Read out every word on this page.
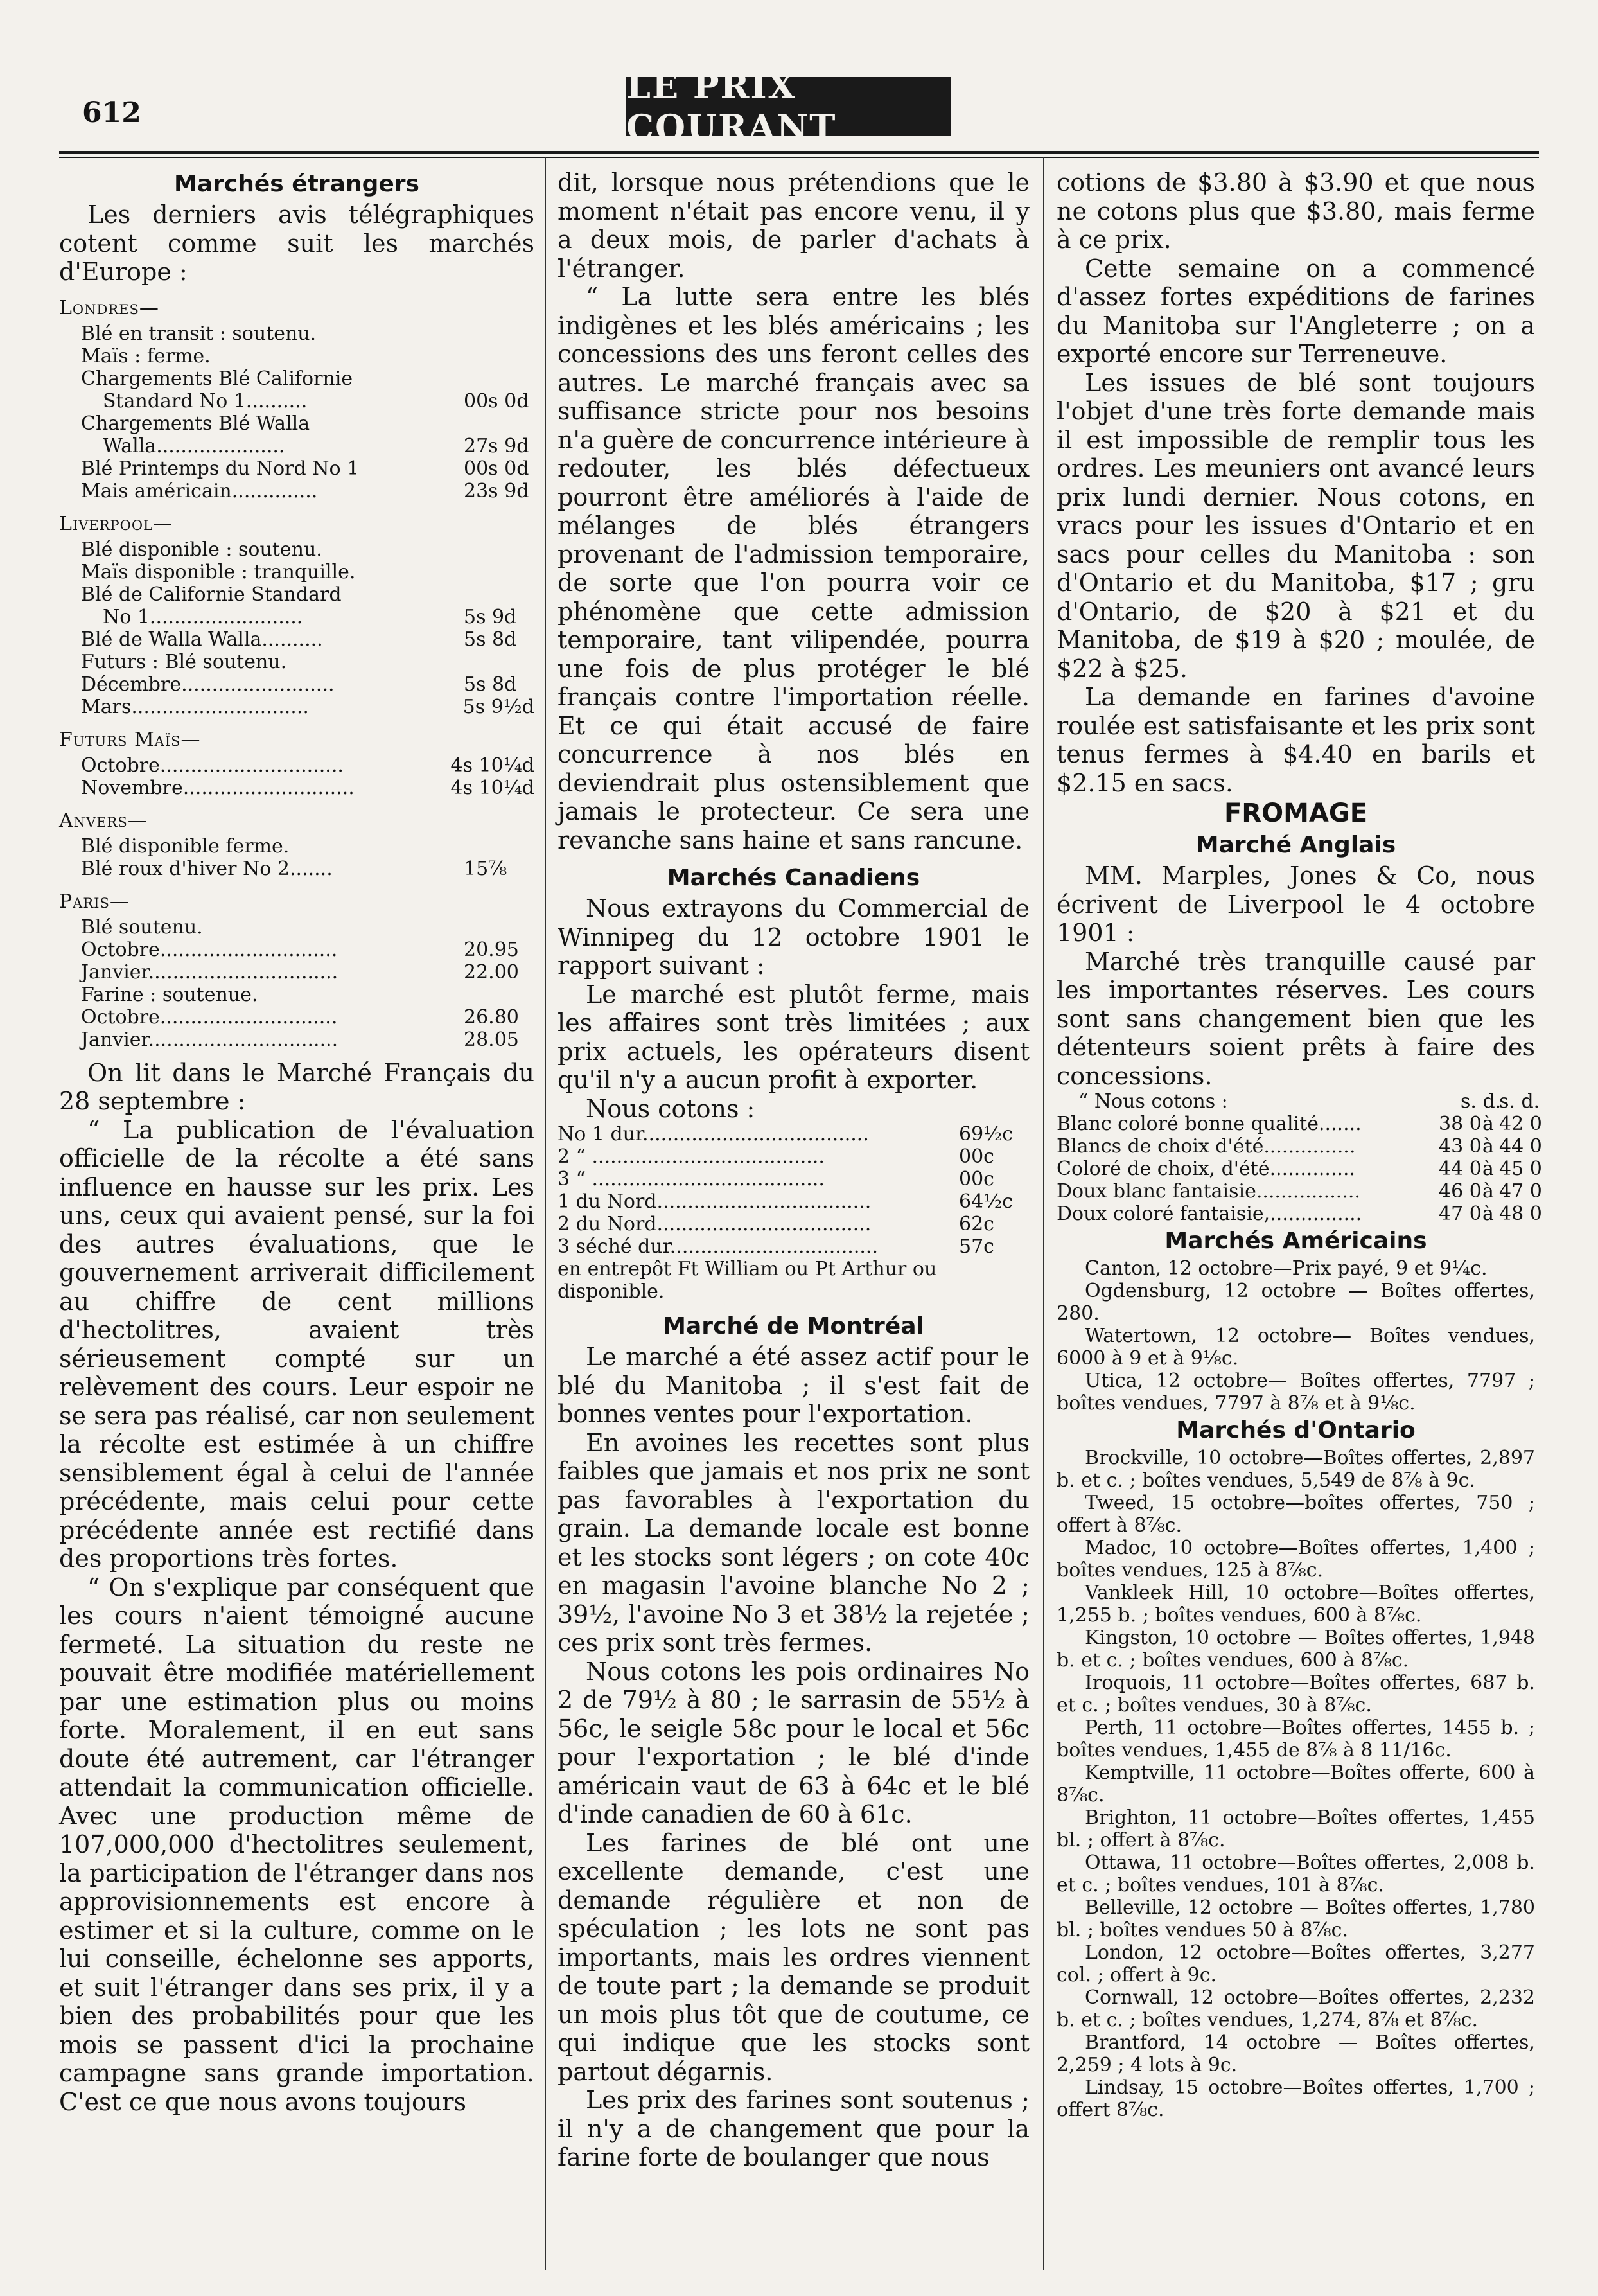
612
LE PRIX COURANT
Marchés étrangers

Les derniers avis télégraphiques cotent comme suit les marchés d'Europe :

Londres—
Blé en transit : soutenu.
Maïs : ferme.
Chargements Blé Californie
Standard No 1..........	00s 0d
Chargements Blé Walla
Walla.....................	27s 9d
Blé Printemps du Nord No 1	00s 0d
Mais américain..............	23s 9d
Liverpool—
Blé disponible : soutenu.
Maïs disponible : tranquille.
Blé de Californie Standard
No 1.........................	5s 9d
Blé de Walla Walla..........	5s 8d
Futurs : Blé soutenu.
Décembre.........................	5s 8d
Mars.............................	5s 9½d
Futurs Maïs—
Octobre..............................	4s 10¼d
Novembre............................	4s 10¼d
Anvers—
Blé disponible ferme.
Blé roux d'hiver No 2.......	15⅞
Paris—
Blé soutenu.
Octobre.............................	20.95
Janvier...............................	22.00
Farine : soutenue.
Octobre.............................	26.80
Janvier...............................	28.05

On lit dans le Marché Français du 28 septembre :

“ La publication de l'évaluation officielle de la récolte a été sans influence en hausse sur les prix. Les uns, ceux qui avaient pensé, sur la foi des autres évaluations, que le gouvernement arriverait difficilement au chiffre de cent millions d'hectolitres, avaient très sérieusement compté sur un relèvement des cours. Leur espoir ne se sera pas réalisé, car non seulement la récolte est estimée à un chiffre sensiblement égal à celui de l'année précédente, mais celui pour cette précédente année est rectifié dans des proportions très fortes.

“ On s'explique par conséquent que les cours n'aient témoigné aucune fermeté. La situation du reste ne pouvait être modifiée matériellement par une estimation plus ou moins forte. Moralement, il en eut sans doute été autrement, car l'étranger attendait la communication officielle. Avec une production même de 107,000,000 d'hectolitres seulement, la participation de l'étranger dans nos approvisionnements est encore à estimer et si la culture, comme on le lui conseille, échelonne ses apports, et suit l'étranger dans ses prix, il y a bien des probabilités pour que les mois se passent d'ici la prochaine campagne sans grande importation. C'est ce que nous avons toujours

dit, lorsque nous prétendions que le moment n'était pas encore venu, il y a deux mois, de parler d'achats à l'étranger.

“ La lutte sera entre les blés indigènes et les blés américains ; les concessions des uns feront celles des autres. Le marché français avec sa suffisance stricte pour nos besoins n'a guère de concurrence intérieure à redouter, les blés défectueux pourront être améliorés à l'aide de mélanges de blés étrangers provenant de l'admission temporaire, de sorte que l'on pourra voir ce phénomène que cette admission temporaire, tant vilipendée, pourra une fois de plus protéger le blé français contre l'importation réelle. Et ce qui était accusé de faire concurrence à nos blés en deviendrait plus ostensiblement que jamais le protecteur. Ce sera une revanche sans haine et sans rancune.

Marchés Canadiens

Nous extrayons du Commercial de Winnipeg du 12 octobre 1901 le rapport suivant :

Le marché est plutôt ferme, mais les affaires sont très limitées ; aux prix actuels, les opérateurs disent qu'il n'y a aucun profit à exporter.

Nous cotons :

No 1 dur.....................................	69½c
2 “ ......................................	00c
3 “ ......................................	00c
1 du Nord...................................	64½c
2 du Nord...................................	62c
3 séché dur..................................	57c
en entrepôt Ft William ou Pt Arthur ou disponible.
Marché de Montréal

Le marché a été assez actif pour le blé du Manitoba ; il s'est fait de bonnes ventes pour l'exportation.

En avoines les recettes sont plus faibles que jamais et nos prix ne sont pas favorables à l'exportation du grain. La demande locale est bonne et les stocks sont légers ; on cote 40c en magasin l'avoine blanche No 2 ; 39½, l'avoine No 3 et 38½ la rejetée ; ces prix sont très fermes.

Nous cotons les pois ordinaires No 2 de 79½ à 80 ; le sarrasin de 55½ à 56c, le seigle 58c pour le local et 56c pour l'exportation ; le blé d'inde américain vaut de 63 à 64c et le blé d'inde canadien de 60 à 61c.

Les farines de blé ont une excellente demande, c'est une demande régulière et non de spéculation ; les lots ne sont pas importants, mais les ordres viennent de toute part ; la demande se produit un mois plus tôt que de coutume, ce qui indique que les stocks sont partout dégarnis.

Les prix des farines sont soutenus ; il n'y a de changement que pour la farine forte de boulanger que nous

cotions de $3.80 à $3.90 et que nous ne cotons plus que $3.80, mais ferme à ce prix.

Cette semaine on a commencé d'assez fortes expéditions de farines du Manitoba sur l'Angleterre ; on a exporté encore sur Terreneuve.

Les issues de blé sont toujours l'objet d'une très forte demande mais il est impossible de remplir tous les ordres. Les meuniers ont avancé leurs prix lundi dernier. Nous cotons, en vracs pour les issues d'Ontario et en sacs pour celles du Manitoba : son d'Ontario et du Manitoba, $17 ; gru d'Ontario, de $20 à $21 et du Manitoba, de $19 à $20 ; moulée, de $22 à $25.

La demande en farines d'avoine roulée est satisfaisante et les prix sont tenus fermes à $4.40 en barils et $2.15 en sacs.

FROMAGE
Marché Anglais

MM. Marples, Jones & Co, nous écrivent de Liverpool le 4 octobre 1901 :

Marché très tranquille causé par les importantes réserves. Les cours sont sans changement bien que les détenteurs soient prêts à faire des concessions.

“ Nous cotons :	s. d.
s. d.
Blanc coloré bonne qualité.......	38 0 à 42 0
Blancs de choix d'été...............	43 0 à 44 0
Coloré de choix, d'été..............	44 0 à 45 0
Doux blanc fantaisie.................	46 0 à 47 0
Doux coloré fantaisie,...............	47 0 à 48 0
Marchés Américains

Canton, 12 octobre—Prix payé, 9 et 9¼c.

Ogdensburg, 12 octobre — Boîtes offertes, 280.

Watertown, 12 octobre— Boîtes vendues, 6000 à 9 et à 9⅛c.

Utica, 12 octobre— Boîtes offertes, 7797 ; boîtes vendues, 7797 à 8⅞ et à 9⅛c.

Marchés d'Ontario

Brockville, 10 octobre—Boîtes offertes, 2,897 b. et c. ; boîtes vendues, 5,549 de 8⅞ à 9c.

Tweed, 15 octobre—boîtes offertes, 750 ; offert à 8⅞c.

Madoc, 10 octobre—Boîtes offertes, 1,400 ; boîtes vendues, 125 à 8⅞c.

Vankleek Hill, 10 octobre—Boîtes offertes, 1,255 b. ; boîtes vendues, 600 à 8⅞c.

Kingston, 10 octobre — Boîtes offertes, 1,948 b. et c. ; boîtes vendues, 600 à 8⅞c.

Iroquois, 11 octobre—Boîtes offertes, 687 b. et c. ; boîtes vendues, 30 à 8⅞c.

Perth, 11 octobre—Boîtes offertes, 1455 b. ; boîtes vendues, 1,455 de 8⅞ à 8 11/16c.

Kemptville, 11 octobre—Boîtes offerte, 600 à 8⅞c.

Brighton, 11 octobre—Boîtes offertes, 1,455 bl. ; offert à 8⅞c.

Ottawa, 11 octobre—Boîtes offertes, 2,008 b. et c. ; boîtes vendues, 101 à 8⅞c.

Belleville, 12 octobre — Boîtes offertes, 1,780 bl. ; boîtes vendues 50 à 8⅞c.

London, 12 octobre—Boîtes offertes, 3,277 col. ; offert à 9c.

Cornwall, 12 octobre—Boîtes offertes, 2,232 b. et c. ; boîtes vendues, 1,274, 8⅞ et 8⅞c.

Brantford, 14 octobre — Boîtes offertes, 2,259 ; 4 lots à 9c.

Lindsay, 15 octobre—Boîtes offertes, 1,700 ; offert 8⅞c.
